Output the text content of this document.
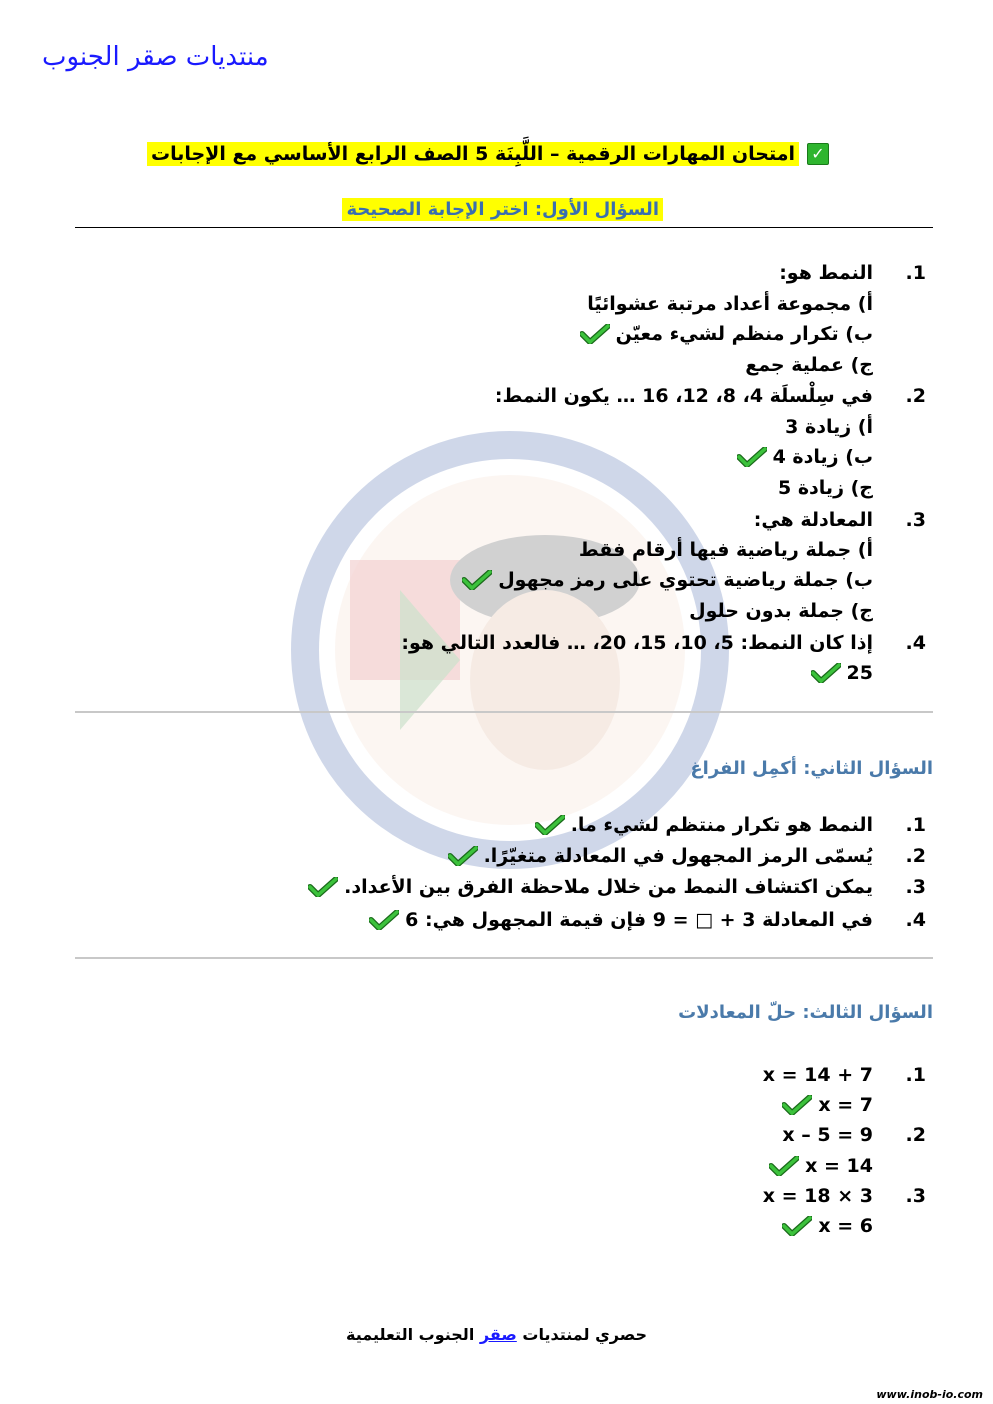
منتديات صقر الجنوب
✓
امتحان المهارات الرقمية – اللَّبِنَة 5 الصف الرابع الأساسي مع الإجابات
السؤال الأول: اختر الإجابة الصحيحة
.1
النمط هو:
أ) مجموعة أعداد مرتبة عشوائيًا
ب) تكرار منظم لشيء معيّن
ج) عملية جمع
.2
في سِلْسلَة 4، 8، 12، 16 … يكون النمط:
أ) زيادة 3
ب) زيادة 4
ج) زيادة 5
.3
المعادلة هي:
أ) جملة رياضية فيها أرقام فقط
ب) جملة رياضية تحتوي على رمز مجهول
ج) جملة بدون حلول
.4
إذا كان النمط: 5، 10، 15، 20، … فالعدد التالي هو:
25
السؤال الثاني: أكمِل الفراغ
.1
النمط هو تكرار منتظم لشيء ما.
.2
يُسمّى الرمز المجهول في المعادلة متغيّرًا.
.3
يمكن اكتشاف النمط من خلال ملاحظة الفرق بين الأعداد.
.4
في المعادلة 3 + □ = 9 فإن قيمة المجهول هي: 6
السؤال الثالث: حلّ المعادلات
.1
x = 14 + 7
x = 7
.2
x – 5 = 9
x = 14
.3
x = 18 × 3
x = 6
حصري لمنتديات صقر الجنوب التعليمية
www.inob-io.com
